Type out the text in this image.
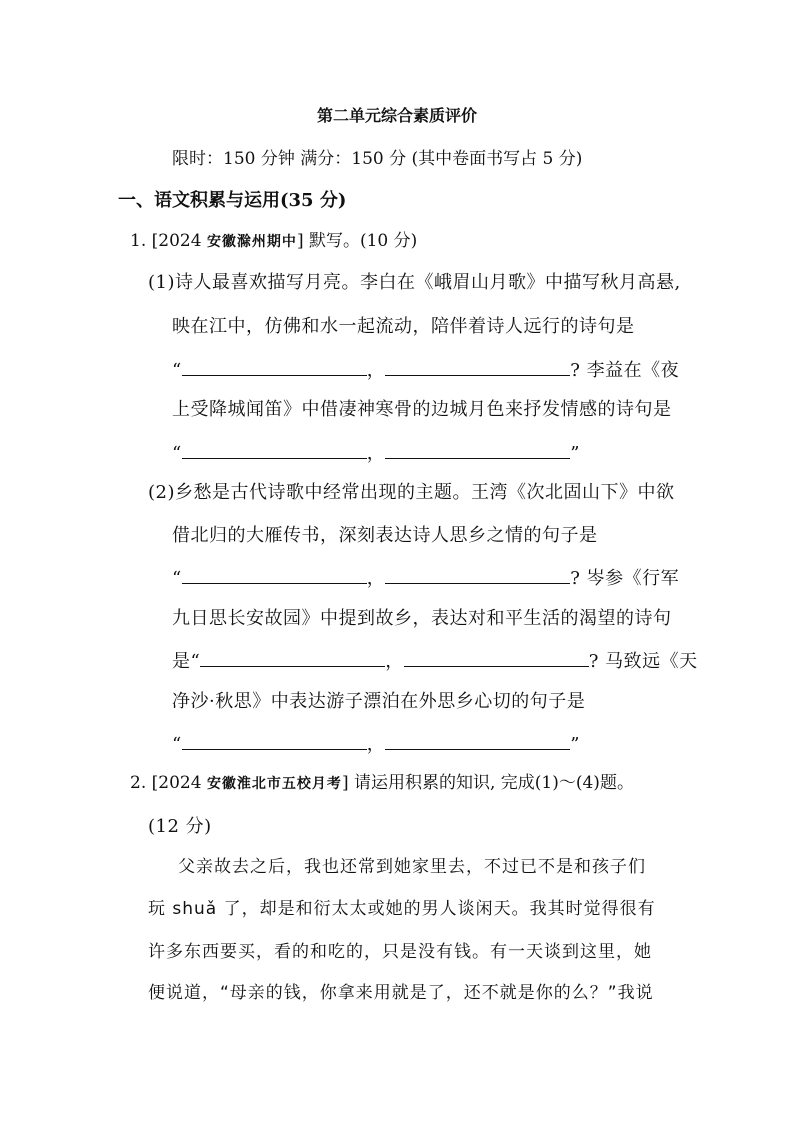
第二单元综合素质评价
限时：150 分钟 满分：150 分 (其中卷面书写占 5 分)
一、语文积累与运用(35 分)
1. [2024 安徽滁州期中] 默写。(10 分)
(1)诗人最喜欢描写月亮。李白在《峨眉山月歌》中描写秋月高悬,
映在江中，仿佛和水一起流动，陪伴着诗人远行的诗句是
“	，	? 李益在《夜
上受降城闻笛》中借凄神寒骨的边城月色来抒发情感的诗句是
“	，	”
(2)乡愁是古代诗歌中经常出现的主题。王湾《次北固山下》中欲
借北归的大雁传书，深刻表达诗人思乡之情的句子是
“	，	? 岑参《行军
九日思长安故园》中提到故乡，表达对和平生活的渴望的诗句
是“	，	? 马致远《天
净沙·秋思》中表达游子漂泊在外思乡心切的句子是
“	，	”
2. [2024 安徽淮北市五校月考] 请运用积累的知识, 完成(1)～(4)题。
(12 分)
父亲故去之后，我也还常到她家里去，不过已不是和孩子们
玩 shuǎ 了，却是和衍太太或她的男人谈闲天。我其时觉得很有
许多东西要买，看的和吃的，只是没有钱。有一天谈到这里，她
便说道，“母亲的钱，你拿来用就是了，还不就是你的么？”我说
